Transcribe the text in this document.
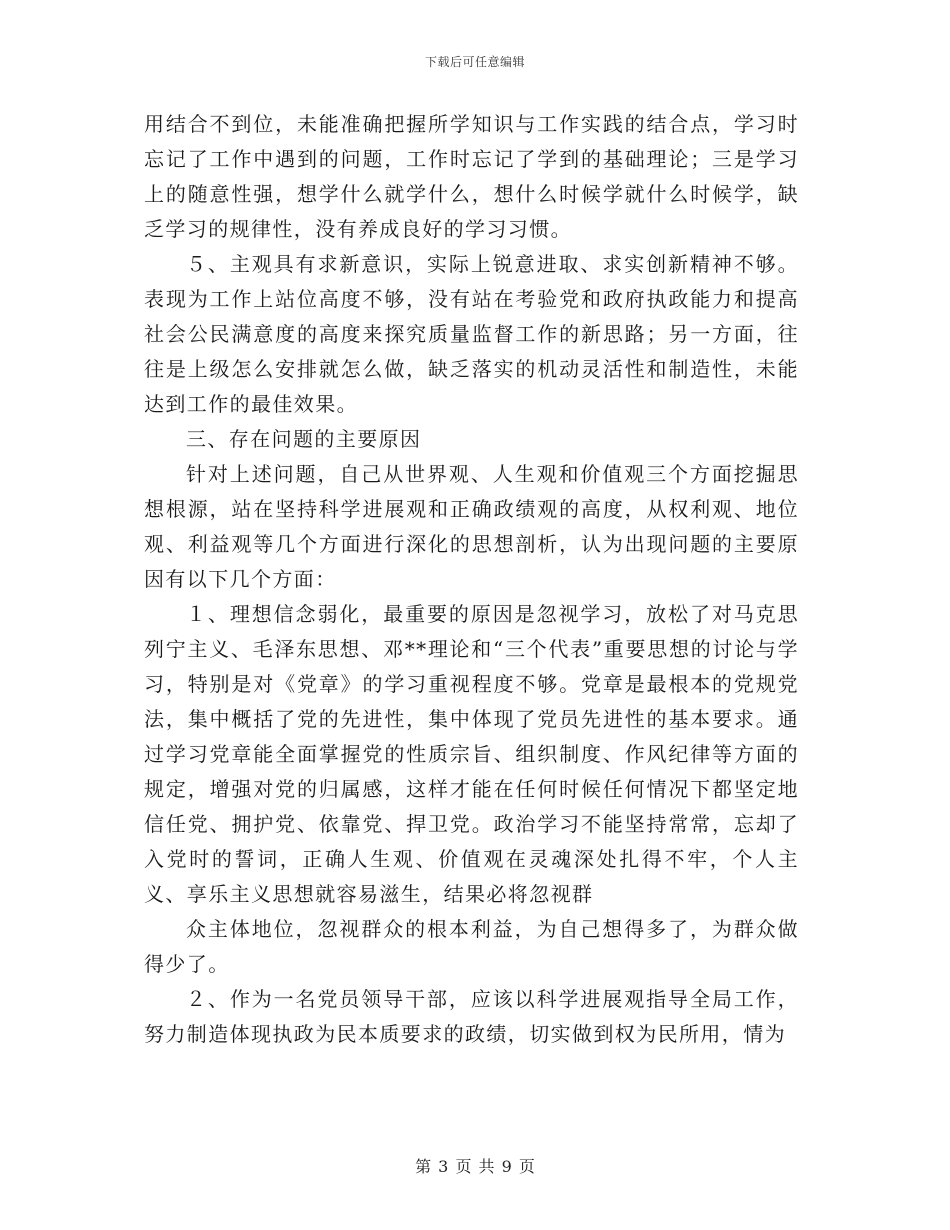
下载后可任意编辑

用结合不到位，未能准确把握所学知识与工作实践的结合点，学习时忘记了工作中遇到的问题，工作时忘记了学到的基础理论；三是学习上的随意性强，想学什么就学什么，想什么时候学就什么时候学，缺乏学习的规律性，没有养成良好的学习习惯。

５、主观具有求新意识，实际上锐意进取、求实创新精神不够。表现为工作上站位高度不够，没有站在考验党和政府执政能力和提高社会公民满意度的高度来探究质量监督工作的新思路；另一方面，往往是上级怎么安排就怎么做，缺乏落实的机动灵活性和制造性，未能达到工作的最佳效果。

三、存在问题的主要原因

针对上述问题，自己从世界观、人生观和价值观三个方面挖掘思想根源，站在坚持科学进展观和正确政绩观的高度，从权利观、地位观、利益观等几个方面进行深化的思想剖析，认为出现问题的主要原因有以下几个方面：

１、理想信念弱化，最重要的原因是忽视学习，放松了对马克思列宁主义、毛泽东思想、邓**理论和“三个代表”重要思想的讨论与学习，特别是对《党章》的学习重视程度不够。党章是最根本的党规党法，集中概括了党的先进性，集中体现了党员先进性的基本要求。通过学习党章能全面掌握党的性质宗旨、组织制度、作风纪律等方面的规定，增强对党的归属感，这样才能在任何时候任何情况下都坚定地信任党、拥护党、依靠党、捍卫党。政治学习不能坚持常常，忘却了入党时的誓词，正确人生观、价值观在灵魂深处扎得不牢，个人主义、享乐主义思想就容易滋生，结果必将忽视群

众主体地位，忽视群众的根本利益，为自己想得多了，为群众做得少了。

２、作为一名党员领导干部，应该以科学进展观指导全局工作，努力制造体现执政为民本质要求的政绩，切实做到权为民所用，情为

第 3 页 共 9 页
